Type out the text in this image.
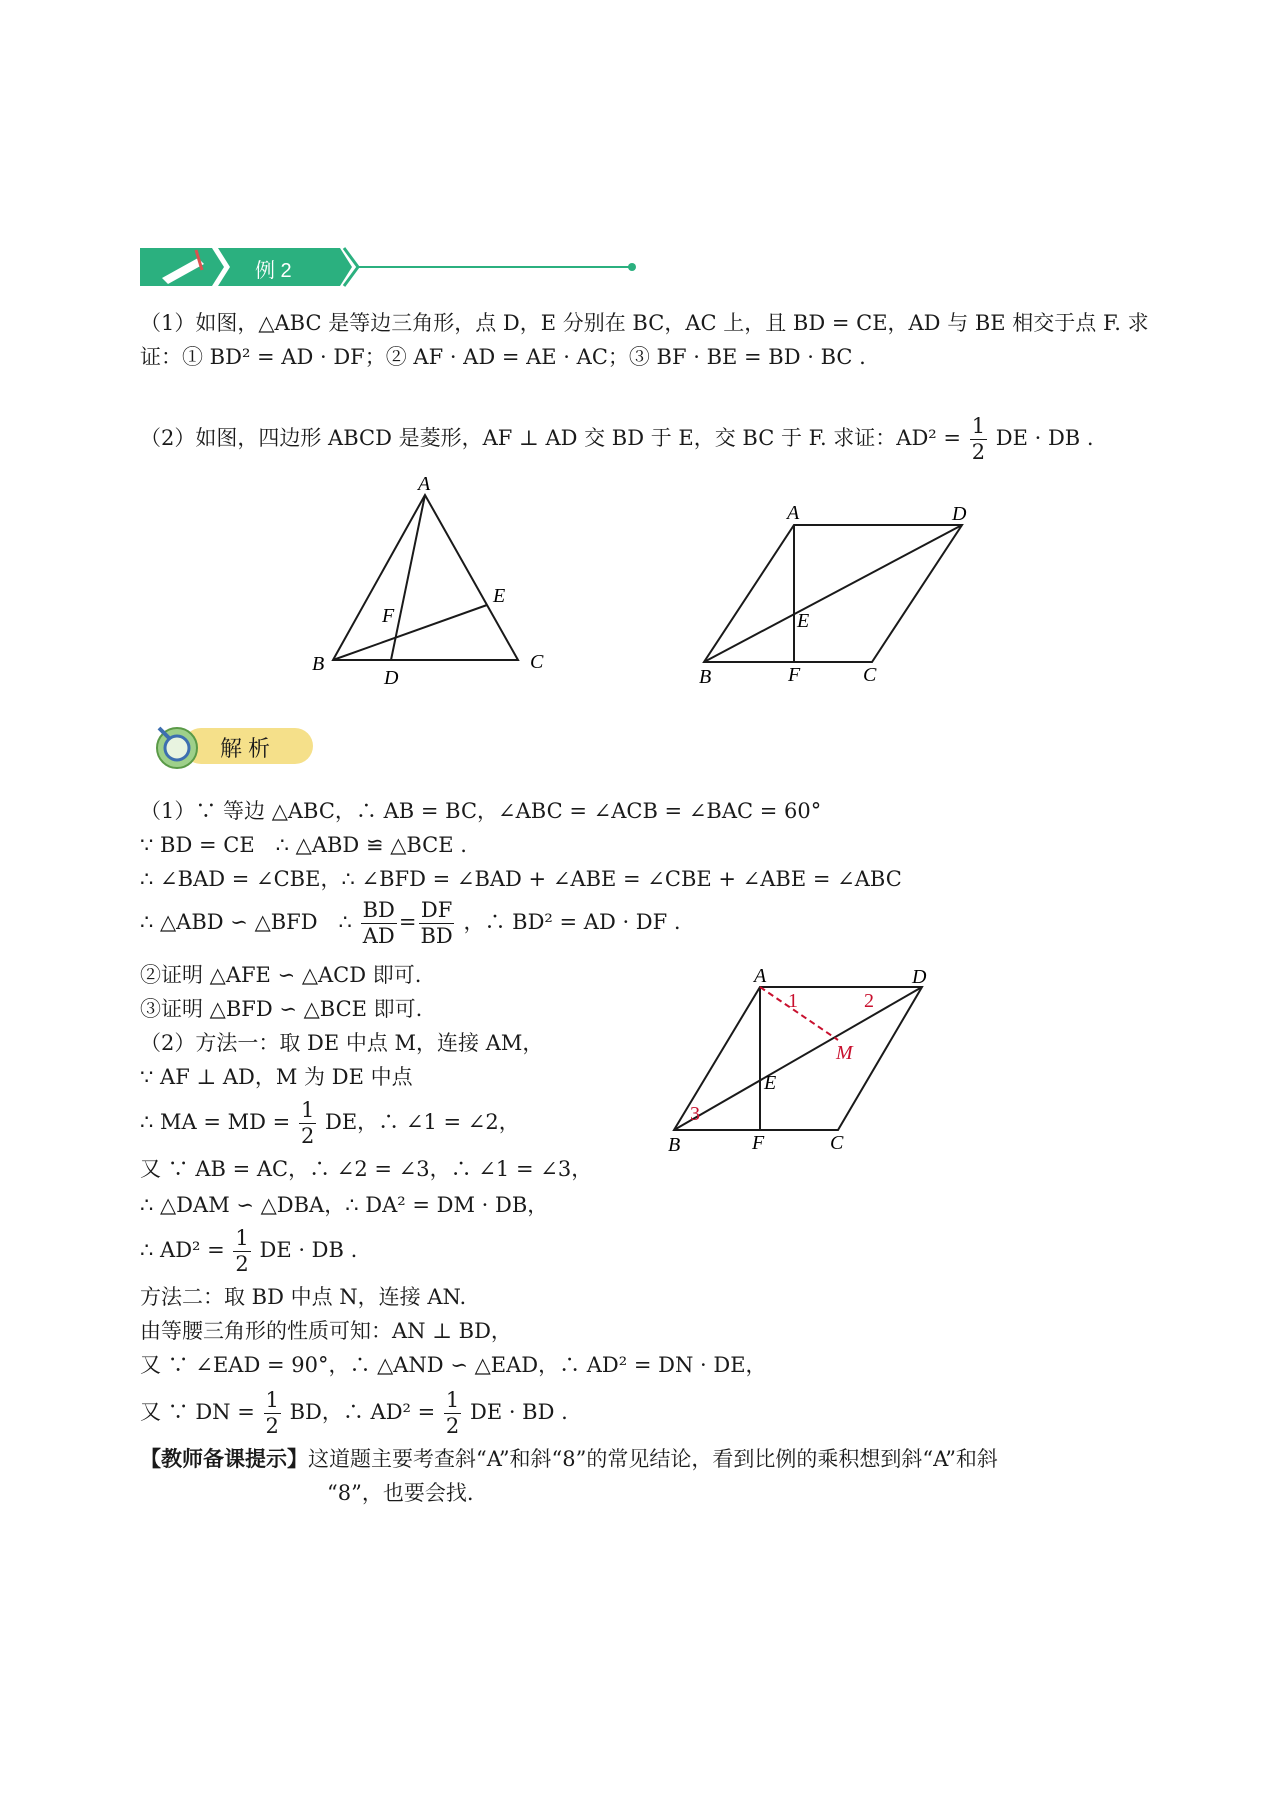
例 2
（1）如图，△ABC 是等边三角形，点 D，E 分别在 BC，AC 上，且 BD = CE，AD 与 BE 相交于点 F. 求
证：① BD² = AD · DF；② AF · AD = AE · AC；③ BF · BE = BD · BC .
（2）如图，四边形 ABCD 是菱形，AF ⊥ AD 交 BD 于 E，交 BC 于 F. 求证：$AD^2 = \frac{1}{2}$ DE · DB .
A
B	C
D
E
F
A	D
B	F	C
E
解析
（1）∵ 等边 △ABC，∴ AB = BC，∠ABC = ∠ACB = ∠BAC = 60°
∵ BD = CE　∴ △ABD ≌ △BCE .
∴ ∠BAD = ∠CBE，∴ ∠BFD = ∠BAD + ∠ABE = ∠CBE + ∠ABE = ∠ABC
∴ △ABD ∽ △BFD　∴ $\frac{BD}{AD} = \frac{DF}{BD}$ ，∴ BD² = AD · DF .
②证明 △AFE ∽ △ACD 即可.
③证明 △BFD ∽ △BCE 即可.
（2）方法一：取 DE 中点 M，连接 AM，
∵ AF ⊥ AD，M 为 DE 中点
∴ MA = MD = $\frac{1}{2}$ DE，∴ ∠1 = ∠2，
又 ∵ AB = AC，∴ ∠2 = ∠3，∴ ∠1 = ∠3，
∴ △DAM ∽ △DBA，∴ DA² = DM · DB，
∴ $AD^2 = \frac{1}{2}$ DE · DB .
方法二：取 BD 中点 N，连接 AN.
由等腰三角形的性质可知：AN ⊥ BD，
又 ∵ ∠EAD = 90°，∴ △AND ∽ △EAD，∴ AD² = DN · DE，
又 ∵ DN = $\frac{1}{2}$ BD，∴ $AD^2 = \frac{1}{2}$ DE · BD .
A	D
B	F	C
E
M
1	2
3
【教师备课提示】这道题主要考查斜“A”和斜“8”的常见结论，看到比例的乘积想到斜“A”和斜
“8”，也要会找.
